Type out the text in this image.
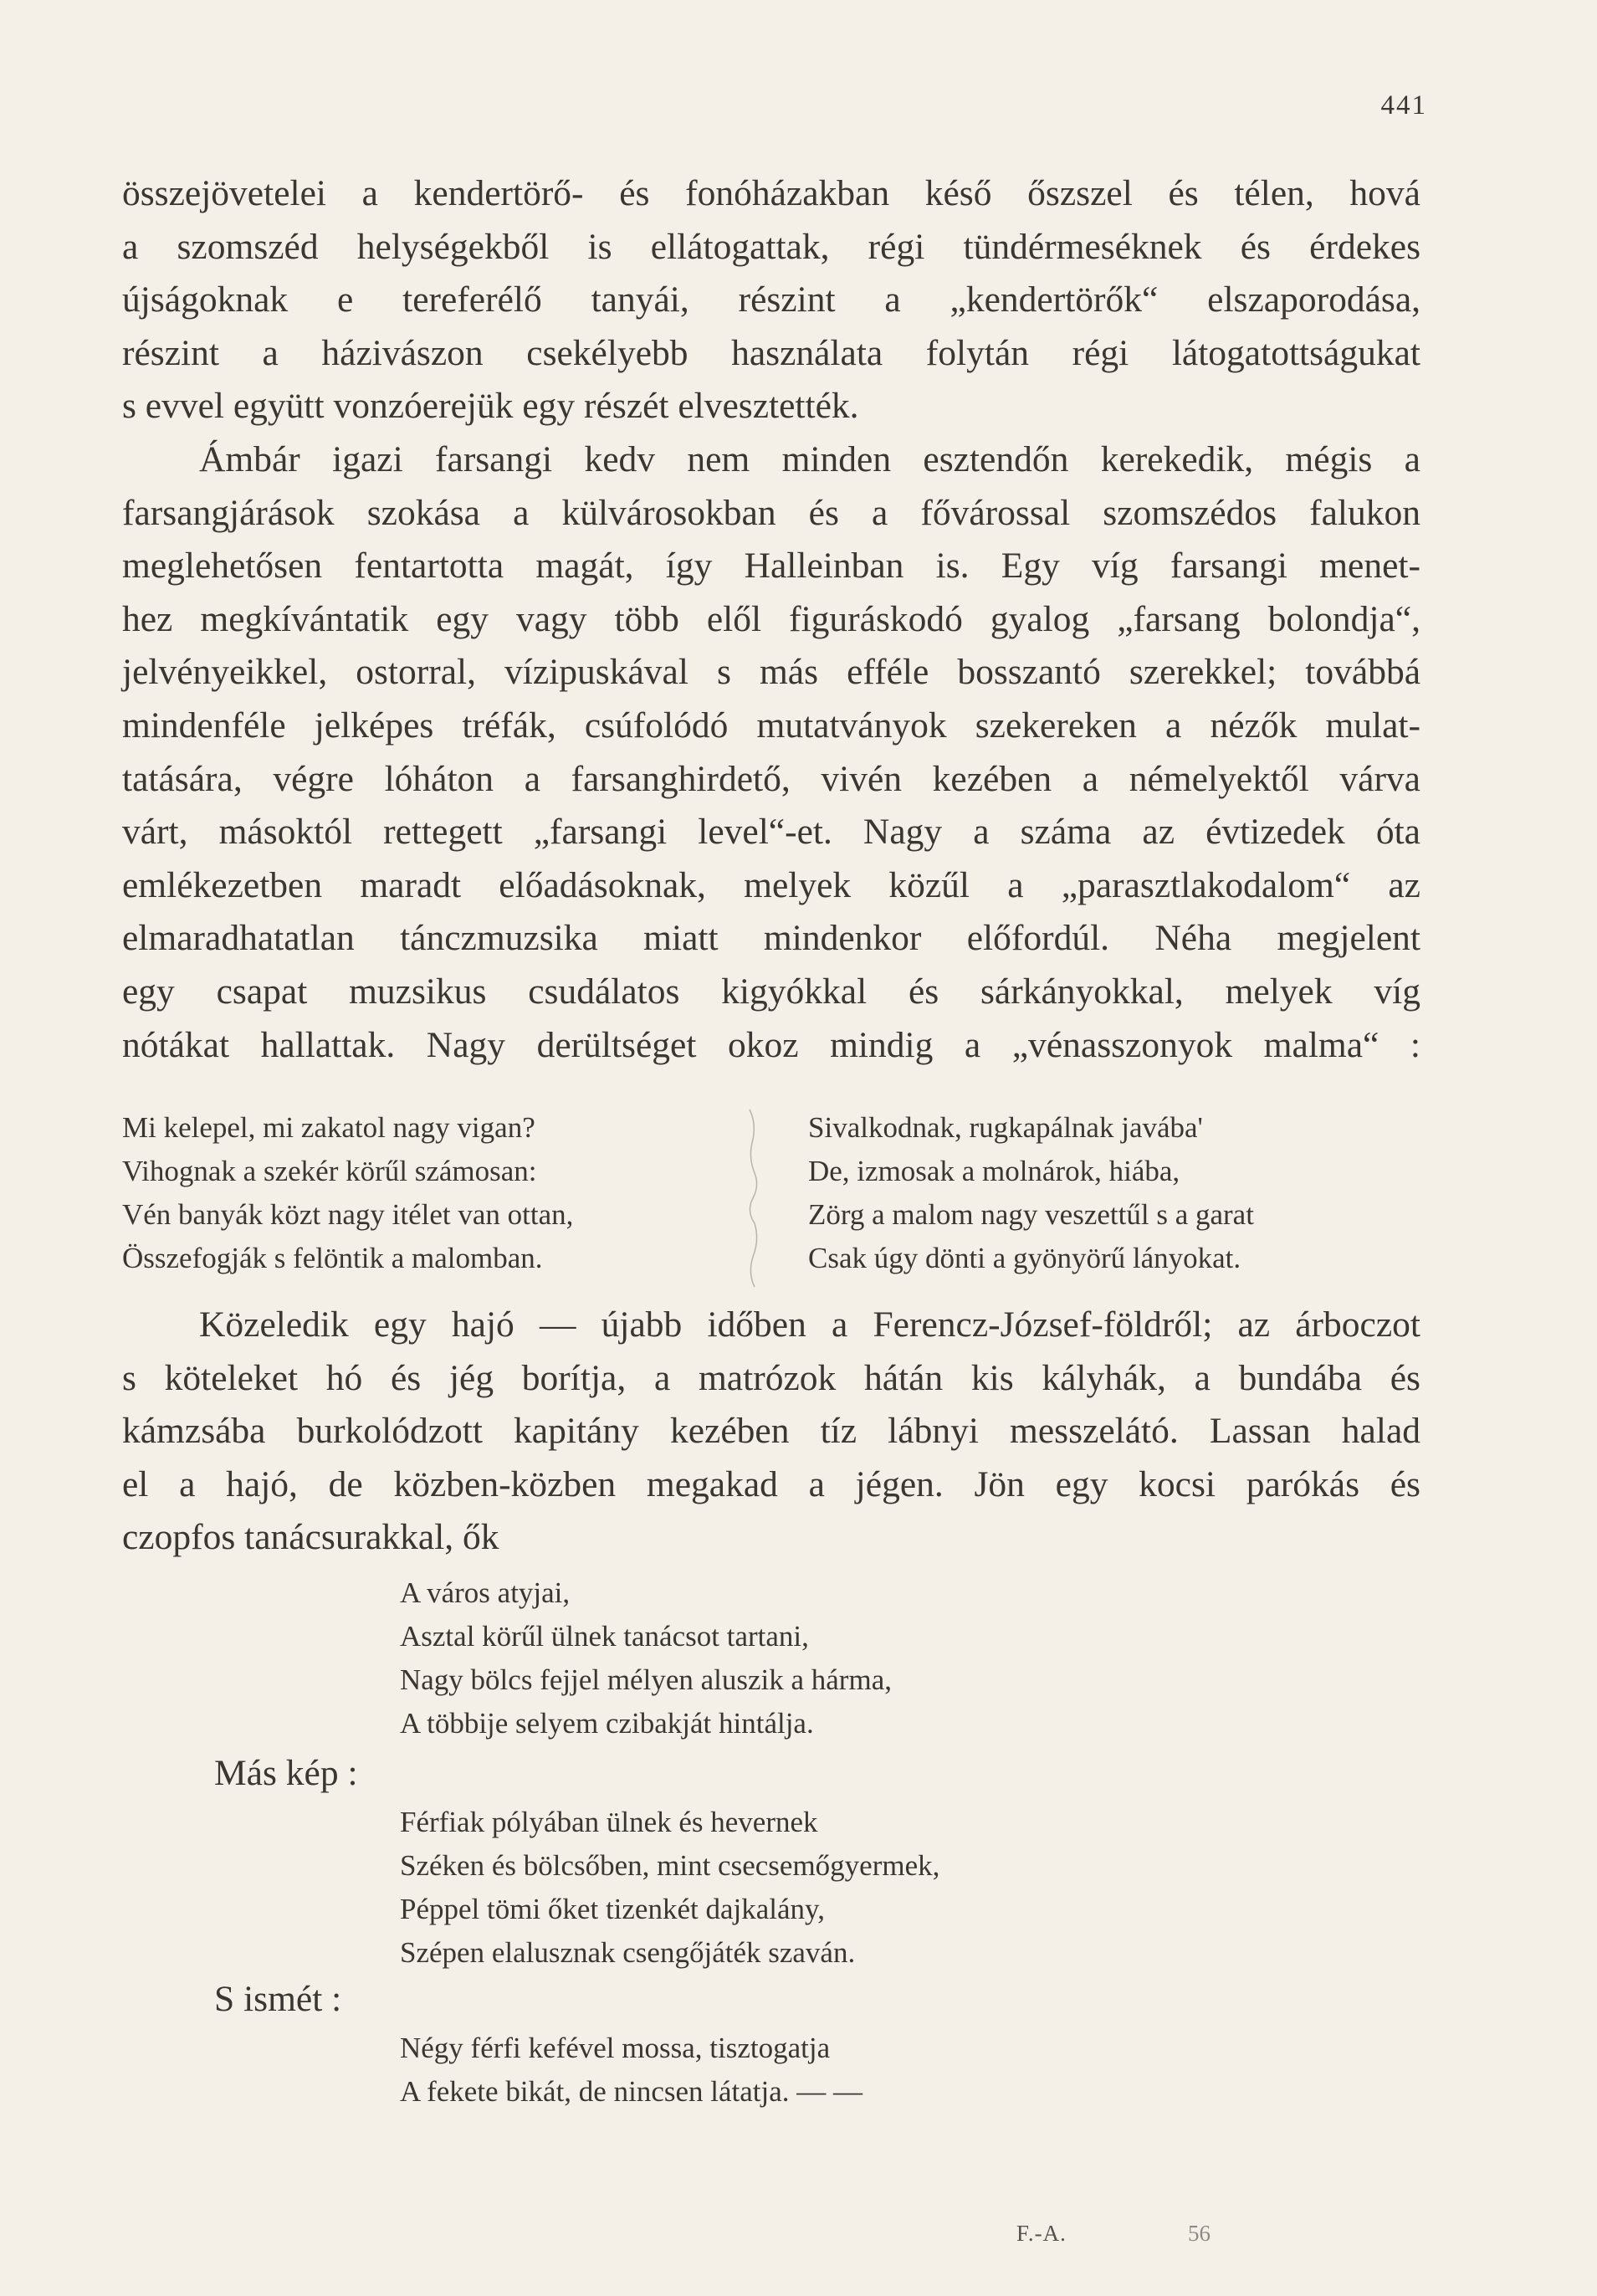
441
összejövetelei a kendertörő- és fonóházakban késő őszszel és télen, hová
a szomszéd helységekből is ellátogattak, régi tündérmeséknek és érdekes
újságoknak e tereferélő tanyái, részint a „kendertörők“ elszaporodása,
részint a házivászon csekélyebb használata folytán régi látogatottságukat
s evvel együtt vonzóerejük egy részét elvesztették.
Ámbár igazi farsangi kedv nem minden esztendőn kerekedik, mégis a
farsangjárások szokása a külvárosokban és a fővárossal szomszédos falukon
meglehetősen fentartotta magát, így Halleinban is. Egy víg farsangi menet-
hez megkívántatik egy vagy több elől figuráskodó gyalog „farsang bolondja“,
jelvényeikkel, ostorral, vízipuskával s más efféle bosszantó szerekkel; továbbá
mindenféle jelképes tréfák, csúfolódó mutatványok szekereken a nézők mulat-
tatására, végre lóháton a farsanghirdető, vivén kezében a némelyektől várva
várt, másoktól rettegett „farsangi level“-et. Nagy a száma az évtizedek óta
emlékezetben maradt előadásoknak, melyek közűl a „parasztlakodalom“ az
elmaradhatatlan tánczmuzsika miatt mindenkor előfordúl. Néha megjelent
egy csapat muzsikus csudálatos kigyókkal és sárkányokkal, melyek víg
nótákat hallattak. Nagy derültséget okoz mindig a „vénasszonyok malma“ :
Mi kelepel, mi zakatol nagy vigan?
Vihognak a szekér körűl számosan:
Vén banyák közt nagy itélet van ottan,
Összefogják s felöntik a malomban.
Sivalkodnak, rugkapálnak javába'
De, izmosak a molnárok, hiába,
Zörg a malom nagy veszettűl s a garat
Csak úgy dönti a gyönyörű lányokat.
Közeledik egy hajó — újabb időben a Ferencz-József-földről; az árboczot
s köteleket hó és jég borítja, a matrózok hátán kis kályhák, a bundába és
kámzsába burkolódzott kapitány kezében tíz lábnyi messzelátó. Lassan halad
el a hajó, de közben-közben megakad a jégen. Jön egy kocsi parókás és
czopfos tanácsurakkal, ők
A város atyjai,
Asztal körűl ülnek tanácsot tartani,
Nagy bölcs fejjel mélyen aluszik a hárma,
A többije selyem czibakját hintálja.
Más kép :
Férfiak pólyában ülnek és hevernek
Széken és bölcsőben, mint csecsemőgyermek,
Péppel tömi őket tizenkét dajkalány,
Szépen elalusznak csengőjáték szaván.
S ismét :
Négy férfi kefével mossa, tisztogatja
A fekete bikát, de nincsen látatja. — —
F.-A.	56
